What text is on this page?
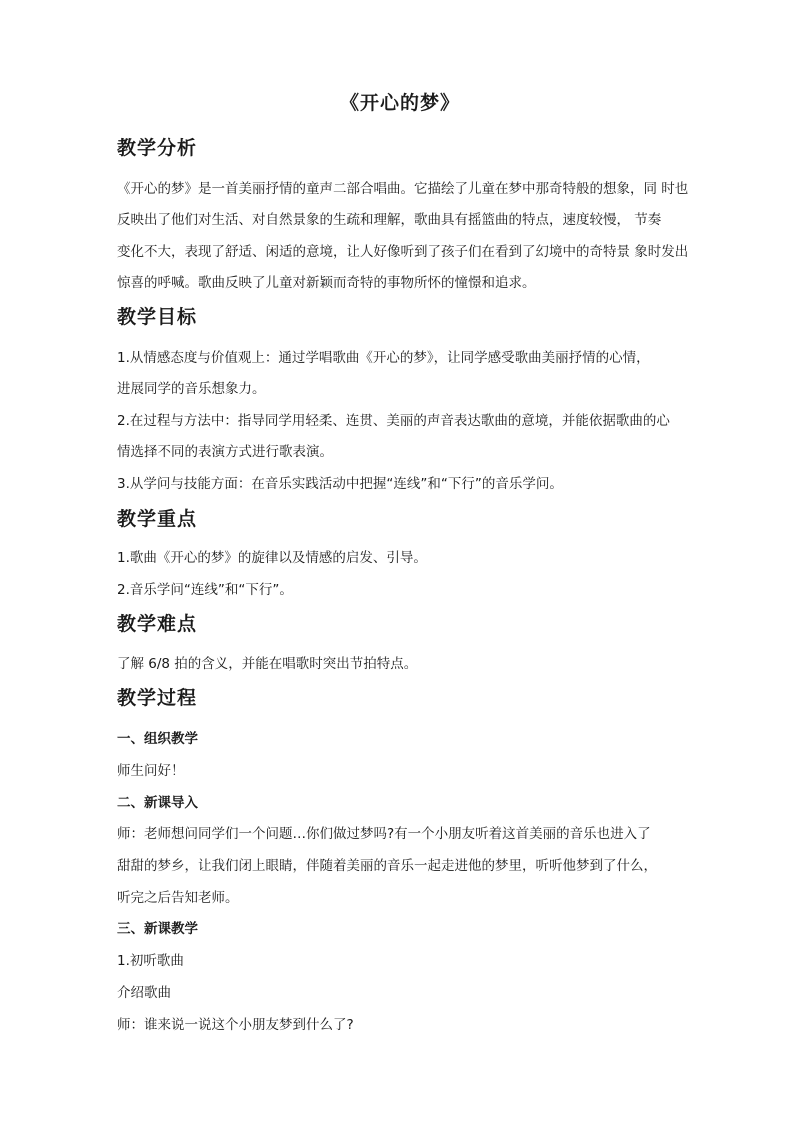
《开心的梦》
教学分析
《开心的梦》是一首美丽抒情的童声二部合唱曲。它描绘了儿童在梦中那奇特般的想象，同 时也
反映出了他们对生活、对自然景象的生疏和理解，歌曲具有摇篮曲的特点，速度较慢， 节奏
变化不大，表现了舒适、闲适的意境，让人好像听到了孩子们在看到了幻境中的奇特景 象时发出
惊喜的呼喊。歌曲反映了儿童对新颖而奇特的事物所怀的憧憬和追求。
教学目标
1.从情感态度与价值观上：通过学唱歌曲《开心的梦》，让同学感受歌曲美丽抒情的心情，
进展同学的音乐想象力。
2.在过程与方法中：指导同学用轻柔、连贯、美丽的声音表达歌曲的意境，并能依据歌曲的心
情选择不同的表演方式进行歌表演。
3.从学问与技能方面：在音乐实践活动中把握“连线”和“下行”的音乐学问。
教学重点
1.歌曲《开心的梦》的旋律以及情感的启发、引导。
2.音乐学问“连线”和“下行”。
教学难点
了解 6/8 拍的含义，并能在唱歌时突出节拍特点。
教学过程
一、组织教学
师生问好！
二、新课导入
师：老师想问同学们一个问题…你们做过梦吗?有一个小朋友听着这首美丽的音乐也进入了
甜甜的梦乡，让我们闭上眼睛，伴随着美丽的音乐一起走进他的梦里，听听他梦到了什么，
听完之后告知老师。
三、新课教学
1.初听歌曲
介绍歌曲
师：谁来说一说这个小朋友梦到什么了?
